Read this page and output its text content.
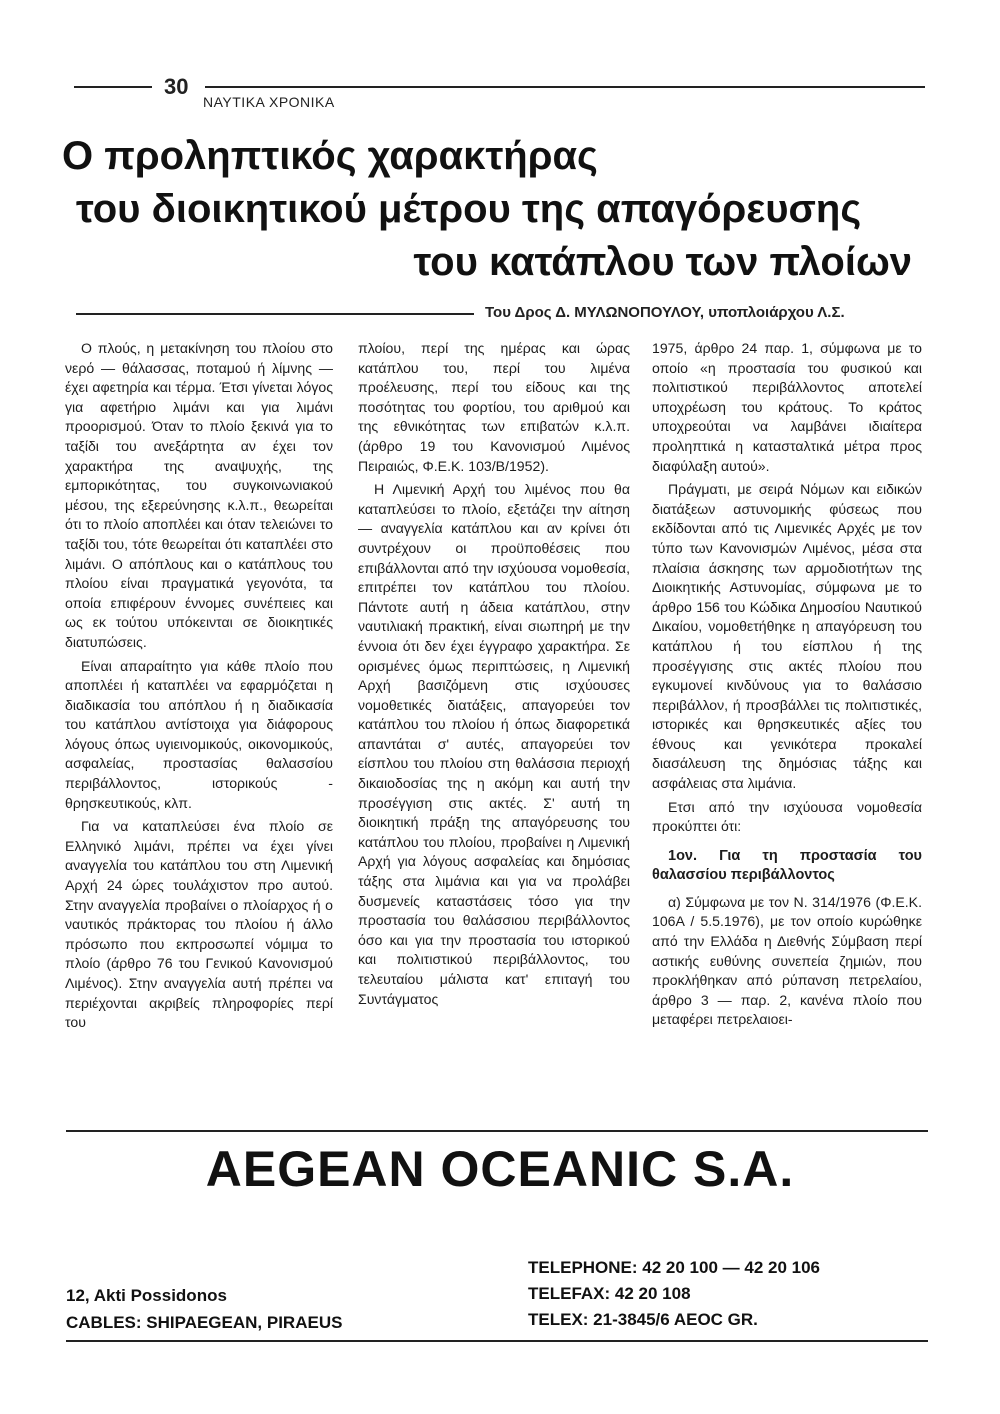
30
ΝΑΥΤΙΚΑ ΧΡΟΝΙΚΑ
Ο προληπτικός χαρακτήρας
του διοικητικού μέτρου της απαγόρευσης
του κατάπλου των πλοίων
Του Δρος Δ. ΜΥΛΩΝΟΠΟΥΛΟΥ, υποπλοιάρχου Λ.Σ.

Ο πλούς, η μετακίνηση του πλοίου στο νερό — θάλασσας, ποταμού ή λίμνης — έχει αφετηρία και τέρμα. Έτσι γίνεται λόγος για αφετήριο λιμάνι και για λιμάνι προορισμού. Όταν το πλοίο ξεκινά για το ταξίδι του ανεξάρτητα αν έχει τον χαρακτήρα της αναψυχής, της εμπορικότητας, του συγκοινωνιακού μέσου, της εξερεύνησης κ.λ.π., θεωρείται ότι το πλοίο αποπλέει και όταν τελειώνει το ταξίδι του, τότε θεωρείται ότι καταπλέει στο λιμάνι. Ο απόπλους και ο κατάπλους του πλοίου είναι πραγματικά γεγονότα, τα οποία επιφέρουν έννομες συνέπειες και ως εκ τούτου υπόκεινται σε διοικητικές διατυπώσεις.

Είναι απαραίτητο για κάθε πλοίο που αποπλέει ή καταπλέει να εφαρμόζεται η διαδικασία του απόπλου ή η διαδικασία του κατάπλου αντίστοιχα για διάφορους λόγους όπως υγιεινομικούς, οικονομικούς, ασφαλείας, προστασίας θαλασσίου περιβάλλοντος, ιστορικούς - θρησκευτικούς, κλπ.

Για να καταπλεύσει ένα πλοίο σε Ελληνικό λιμάνι, πρέπει να έχει γίνει αναγγελία του κατάπλου του στη Λιμενική Αρχή 24 ώρες τουλάχιστον προ αυτού. Στην αναγγελία προβαίνει ο πλοίαρχος ή ο ναυτικός πράκτορας του πλοίου ή άλλο πρόσωπο που εκπροσωπεί νόμιμα το πλοίο (άρθρο 76 του Γενικού Κανονισμού Λιμένος). Στην αναγγελία αυτή πρέπει να περιέχονται ακριβείς πληροφορίες περί του

πλοίου, περί της ημέρας και ώρας κατάπλου του, περί του λιμένα προέλευσης, περί του είδους και της ποσότητας του φορτίου, του αριθμού και της εθνικότητας των επιβατών κ.λ.π. (άρθρο 19 του Κανονισμού Λιμένος Πειραιώς, Φ.Ε.Κ. 103/Β/1952).

Η Λιμενική Αρχή του λιμένος που θα καταπλεύσει το πλοίο, εξετάζει την αίτηση — αναγγελία κατάπλου και αν κρίνει ότι συντρέχουν οι προϋποθέσεις που επιβάλλονται από την ισχύουσα νομοθεσία, επιτρέπει τον κατάπλου του πλοίου. Πάντοτε αυτή η άδεια κατάπλου, στην ναυτιλιακή πρακτική, είναι σιωπηρή με την έννοια ότι δεν έχει έγγραφο χαρακτήρα. Σε ορισμένες όμως περιπτώσεις, η Λιμενική Αρχή βασιζόμενη στις ισχύουσες νομοθετικές διατάξεις, απαγορεύει τον κατάπλου του πλοίου ή όπως διαφορετικά απαντάται σ' αυτές, απαγορεύει τον είσπλου του πλοίου στη θαλάσσια περιοχή δικαιοδοσίας της η ακόμη και αυτή την προσέγγιση στις ακτές. Σ' αυτή τη διοικητική πράξη της απαγόρευσης του κατάπλου του πλοίου, προβαίνει η Λιμενική Αρχή για λόγους ασφαλείας και δημόσιας τάξης στα λιμάνια και για να προλάβει δυσμενείς καταστάσεις τόσο για την προστασία του θαλάσσιου περιβάλλοντος όσο και για την προστασία του ιστορικού και πολιτιστικού περιβάλλοντος, του τελευταίου μάλιστα κατ' επιταγή του Συντάγματος

1975, άρθρο 24 παρ. 1, σύμφωνα με το οποίο «η προστασία του φυσικού και πολιτιστικού περιβάλλοντος αποτελεί υποχρέωση του κράτους. Το κράτος υποχρεούται να λαμβάνει ιδιαίτερα προληπτικά η κατασταλτικά μέτρα προς διαφύλαξη αυτού».

Πράγματι, με σειρά Νόμων και ειδικών διατάξεων αστυνομικής φύσεως που εκδίδονται από τις Λιμενικές Αρχές με τον τύπο των Κανονισμών Λιμένος, μέσα στα πλαίσια άσκησης των αρμοδιοτήτων της Διοικητικής Αστυνομίας, σύμφωνα με το άρθρο 156 του Κώδικα Δημοσίου Ναυτικού Δικαίου, νομοθετήθηκε η απαγόρευση του κατάπλου ή του είσπλου ή της προσέγγισης στις ακτές πλοίου που εγκυμονεί κινδύνους για το θαλάσσιο περιβάλλον, ή προσβάλλει τις πολιτιστικές, ιστορικές και θρησκευτικές αξίες του έθνους και γενικότερα προκαλεί διασάλευση της δημόσιας τάξης και ασφάλειας στα λιμάνια.

Ετσι από την ισχύουσα νομοθεσία προκύπτει ότι:

1ον. Για τη προστασία του θαλασσίου περιβάλλοντος

α) Σύμφωνα με τον Ν. 314/1976 (Φ.Ε.Κ. 106Α / 5.5.1976), με τον οποίο κυρώθηκε από την Ελλάδα η Διεθνής Σύμβαση περί αστικής ευθύνης συνεπεία ζημιών, που προκλήθηκαν από ρύπανση πετρελαίου, άρθρο 3 — παρ. 2, κανένα πλοίο που μεταφέρει πετρελαιοει-

AEGEAN OCEANIC S.A.
12, Akti Possidonos
CABLES: SHIPAEGEAN, PIRAEUS
TELEPHONE: 42 20 100 — 42 20 106
TELEFAX: 42 20 108
TELEX: 21-3845/6 AEOC GR.
